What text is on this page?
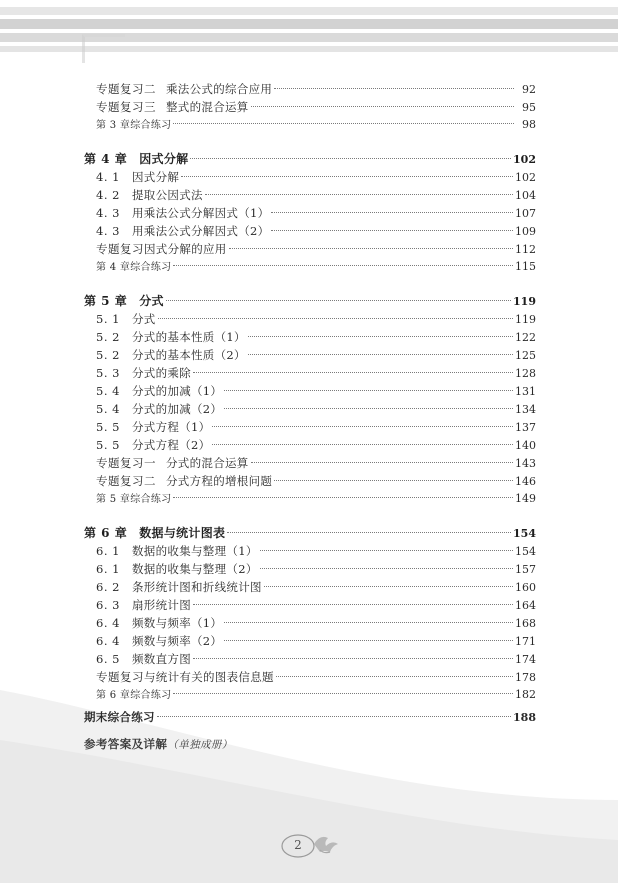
专题复习二 乘法公式的综合应用	92
专题复习三 整式的混合运算	95
第 3 章综合练习	98
第 4 章 因式分解	102
4. 1	因式分解	102
4. 2	提取公因式法	104
4. 3	用乘法公式分解因式（1）	107
4. 3	用乘法公式分解因式（2）	109
专题复习 因式分解的应用	112
第 4 章综合练习	115
第 5 章 分式	119
5. 1	分式	119
5. 2	分式的基本性质（1）	122
5. 2	分式的基本性质（2）	125
5. 3	分式的乘除	128
5. 4	分式的加减（1）	131
5. 4	分式的加减（2）	134
5. 5	分式方程（1）	137
5. 5	分式方程（2）	140
专题复习一 分式的混合运算	143
专题复习二 分式方程的增根问题	146
第 5 章综合练习	149
第 6 章 数据与统计图表	154
6. 1	数据的收集与整理（1）	154
6. 1	数据的收集与整理（2）	157
6. 2	条形统计图和折线统计图	160
6. 3	扇形统计图	164
6. 4	频数与频率（1）	168
6. 4	频数与频率（2）	171
6. 5	频数直方图	174
专题复习 与统计有关的图表信息题	178
第 6 章综合练习	182
期末综合练习	188
参考答案及详解（单独成册）
2
